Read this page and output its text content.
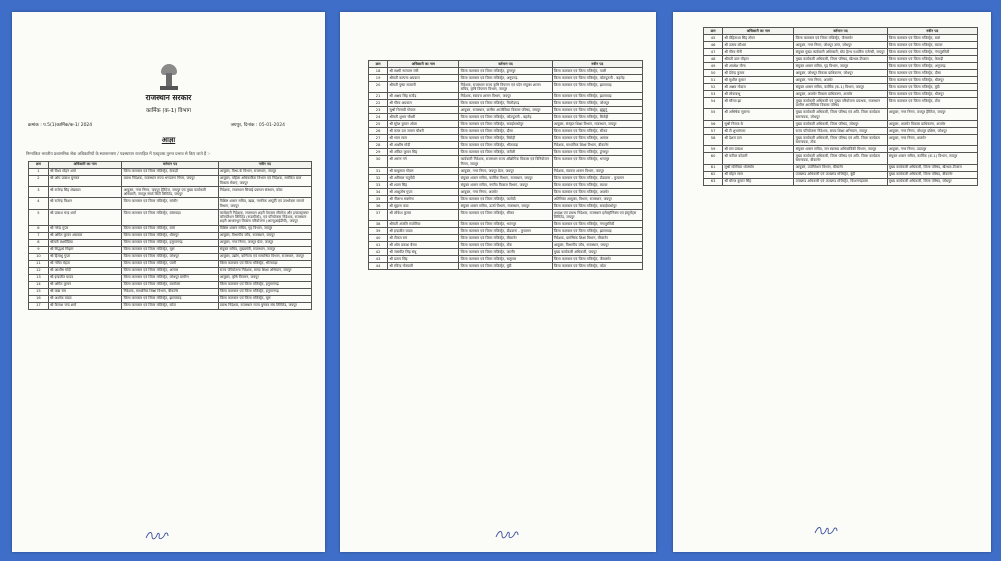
राजस्थान सरकार
कार्मिक (क-1) विभाग
क्रमांक : प.5(1)कार्मिक/क-1/ 2024	जयपुर, दिनांक : 05-01-2024
आज्ञा
निम्नांकित भारतीय प्रशासनिक सेवा अधिकारियों के स्थानान्तरण / पदस्थापन राज्यहित में एतद्द्वारा तुरन्त प्रभाव से किए जाते हैं :-
क्रम	अधिकारी का नाम	वर्तमान पद	नवीन पद
1	श्री विश्व मोहन शर्मा	जिला कलक्टर एवं जिला मजिस्ट्रेट, केकड़ी	आयुक्त, विभा.के विभाग, राजस्थान, जयपुर
2	श्री ओम प्रकाश बुनकर	प्रबन्ध निदेशक, राजस्थान राज्य भण्डारण निगम, जयपुर	आयुक्त, महिला अधिकारिता विभाग एवं निदेशक, समेकित बाल विकास सेवाएं, जयपुर
3	श्री राजेन्द्र सिंह शेखावत	आयुक्त, नगर निगम, जयपुर हैरिटेज, जयपुर एवं मुख्य कार्यकारी अधिकारी, जयपुर स्मार्ट सिटी लिमिटेड, जयपुर	निदेशक, राजस्थान सिंचाई प्रबन्धन संस्थान, कोटा
4	श्री राजेन्द्र किशन	जिला कलक्टर एवं जिला मजिस्ट्रेट, सांचौर	विशिष्ट शासन सचिव, खाद्य, नागरिक आपूर्ति एवं उपभोक्ता मामले विभाग, जयपुर
5	श्री प्रकाश चन्द्र शर्मा	जिला कलक्टर एवं जिला मजिस्ट्रेट, बांसवाड़ा	कार्यकारी निदेशक, राजस्थान शहरी पेयजल सीवरेज और इन्फ्रास्ट्रक्चर कॉरपोरेशन लिमिटेड (रूडसीको), एवं परियोजना निदेशक, राजस्थान शहरी आधारभूत विकास परियोजना (आरयूआईडीपी), जयपुर
6	श्री नरेन्द्र गुप्ता	जिला कलक्टर एवं जिला मजिस्ट्रेट, बारां	विशिष्ट शासन सचिव, गृह विभाग, जयपुर
7	श्री अमित कुमार अग्रवाल	जिला कलक्टर एवं जिला मजिस्ट्रेट, धौलपुर	आयुक्त, विभागीय जाँच, राजस्थान, जयपुर
8	श्रीमती लक्ष्मीप्रिया	जिला कलक्टर एवं जिला मजिस्ट्रेट, हनुमानगढ़	आयुक्त, नगर निगम, जयपुर ग्रेटर, जयपुर
9	श्री सिद्धार्थ सिहाग	जिला कलक्टर एवं जिला मजिस्ट्रेट, चूरू	संयुक्त सचिव, मुख्यमंत्री, राजस्थान, जयपुर
10	श्री हिमांशु गुप्ता	जिला कलक्टर एवं जिला मजिस्ट्रेट, जोधपुर	आयुक्त, उद्योग, वाणिज्य एवं सम्बन्धित विभाग, राजस्थान, जयपुर
11	श्री नमित मेहता	जिला कलक्टर एवं जिला मजिस्ट्रेट, पाली	जिला कलक्टर एवं जिला मजिस्ट्रेट, भीलवाड़ा
12	श्री आशीष मोदी	जिला कलक्टर एवं जिला मजिस्ट्रेट, अलवर	राज्य परियोजना निदेशक, समग्र शिक्षा अभियान, जयपुर
13	श्री इन्द्रजीत यादव	जिला कलक्टर एवं जिला मजिस्ट्रेट, जोधपुर ग्रामीण	आयुक्त, कृषि विपणन, जयपुर
14	श्री अमित कुमार	जिला कलक्टर एवं जिला मजिस्ट्रेट, बालोतरा	जिला कलक्टर एवं जिला मजिस्ट्रेट, हनुमानगढ़
15	श्री कन्ना राम	निदेशक, माध्यमिक शिक्षा विभाग, बीकानेर	जिला कलक्टर एवं जिला मजिस्ट्रेट, हनुमानगढ़
16	श्री अशोक यादव	जिला कलक्टर एवं जिला मजिस्ट्रेट, झालावाड़	जिला कलक्टर एवं जिला मजिस्ट्रेट, चूरू
17	श्री कैलाश चन्द शर्मा	जिला कलक्टर एवं जिला मजिस्ट्रेट, कोटा	प्रबन्ध निदेशक, राजस्थान राज्य बुनकर संघ लिमिटेड, जयपुर
क्रम	अधिकारी का नाम	वर्तमान पद	नवीन पद
18	श्री लक्ष्मी नारायण मंत्री	जिला कलक्टर एवं जिला मजिस्ट्रेट, डूंगरपुर	जिला कलक्टर एवं जिला मजिस्ट्रेट, पाली
19	श्रीमती कल्पना अग्रवाल	जिला कलक्टर एवं जिला मजिस्ट्रेट, अनूपगढ़	जिला कलक्टर एवं जिला मजिस्ट्रेट, कोटपूतली - बहरोड़
20	श्रीमती पुष्पा सत्यानी	निदेशक, राजस्थान राज्य कृषि विपणन एवं पदेन संयुक्त शासन सचिव, कृषि विपणन विभाग, जयपुर	जिला कलक्टर एवं जिला मजिस्ट्रेट, झालावाड़
21	श्री अक्षय सिंह राठौड़	निदेशक, स्वायत्त शासन विभाग, जयपुर	जिला कलक्टर एवं जिला मजिस्ट्रेट, झालावाड़
22	श्री गौरव अग्रवाल	जिला कलक्टर एवं जिला मजिस्ट्रेट, चित्तौड़गढ़	जिला कलक्टर एवं जिला मजिस्ट्रेट, जोधपुर
23	सुश्री चिन्मयी गोपाल	आयुक्त, राजस्थान, ग्रामीण आजीविका विकास परिषद, जयपुर	जिला कलक्टर एवं जिला मजिस्ट्रेट, झुंझुनूं
24	श्रीमती शुभम चौधरी	जिला कलक्टर एवं जिला मजिस्ट्रेट, कोटपूतली - बहरोड़	जिला कलक्टर एवं जिला मजिस्ट्रेट, सिरोही
25	श्री सुरेश कुमार ओला	जिला कलक्टर एवं जिला मजिस्ट्रेट, सवाईमाधोपुर	आयुक्त, संस्कृत शिक्षा विभाग, राजस्थान, जयपुर
26	श्री कमर उल जमान चौधरी	जिला कलक्टर एवं जिला मजिस्ट्रेट, दौसा	जिला कलक्टर एवं जिला मजिस्ट्रेट, सीकर
27	श्री भंवर लाल	जिला कलक्टर एवं जिला मजिस्ट्रेट, सिरोही	जिला कलक्टर एवं जिला मजिस्ट्रेट, अलवर
28	श्री आशीष मोदी	जिला कलक्टर एवं जिला मजिस्ट्रेट, भीलवाड़ा	निदेशक, माध्यमिक शिक्षा विभाग, बीकानेर
29	श्री अंकित कुमार सिंह	जिला कलक्टर एवं जिला मजिस्ट्रेट, करौली	जिला कलक्टर एवं जिला मजिस्ट्रेट, डूंगरपुर
30	श्री अरुण गर्ग	कार्यकारी निदेशक, राजस्थान राज्य औद्योगिक विकास एवं विनियोजन निगम, जयपुर	जिला कलक्टर एवं जिला मजिस्ट्रेट, भरतपुर
31	श्री बाबूलाल गोयल	आयुक्त, नगर निगम, जयपुर ग्रेटर, जयपुर	निदेशक, स्वायत्त शासन विभाग, जयपुर
32	श्री अविचल चतुर्वेदी	संयुक्त शासन सचिव, कार्मिक विभाग, राजस्थान, जयपुर	जिला कलक्टर एवं जिला मजिस्ट्रेट, डीडवाना - कुचामन
33	श्री श्याम सिंह	संयुक्त शासन सचिव, नगरीय विकास विभाग, जयपुर	जिला कलक्टर एवं जिला मजिस्ट्रेट, ब्यावर
34	श्री आशुतोष गुप्ता	आयुक्त, नगर निगम, अजमेर	जिला कलक्टर एवं जिला मजिस्ट्रेट, अजमेर
35	श्री नीलाभ सक्सेना	जिला कलक्टर एवं जिला मजिस्ट्रेट, फलोदी	अतिरिक्त आयुक्त, विभाग, राजस्थान, जयपुर
36	श्री सुहास काव	संयुक्त शासन सचिव, ऊर्जा विभाग, राजस्थान, जयपुर	जिला कलक्टर एवं जिला मजिस्ट्रेट, सवाईमाधोपुर
37	श्री लोकेश कुमार	जिला कलक्टर एवं जिला मजिस्ट्रेट, सीकर	अध्यक्ष एवं प्रबन्ध निदेशक, राजस्थान इलेक्ट्रॉनिक्स एवं इंस्ट्रूमेंट्स लिमिटेड, जयपुर
38	श्रीमती अंजलि राजोरिया	जिला कलक्टर एवं जिला मजिस्ट्रेट, भरतपुर	जिला कलक्टर एवं जिला मजिस्ट्रेट, गंगापुरसिटी
39	श्री इन्द्रजीत यादव	जिला कलक्टर एवं जिला मजिस्ट्रेट, डीडवाना - कुचामन	जिला कलक्टर एवं जिला मजिस्ट्रेट, झालावाड़
40	श्री टीकम राम	जिला कलक्टर एवं जिला मजिस्ट्रेट, बीकानेर	निदेशक, प्रारम्भिक शिक्षा विभाग, बीकानेर
41	श्री ओम प्रकाश बैरवा	जिला कलक्टर एवं जिला मजिस्ट्रेट, टोंक	आयुक्त, विभागीय जाँच, राजस्थान, जयपुर
42	श्री जसमीत सिंह संधू	जिला कलक्टर एवं जिला मजिस्ट्रेट, जालौर	मुख्य कार्यकारी अधिकारी, जयपुर
43	श्री प्रताप सिंह	जिला कलक्टर एवं जिला मजिस्ट्रेट, सलूम्बर	जिला कलक्टर एवं जिला मजिस्ट्रेट, जैसलमेर
44	श्री रविन्द्र गोस्वामी	जिला कलक्टर एवं जिला मजिस्ट्रेट, बूंदी	जिला कलक्टर एवं जिला मजिस्ट्रेट, कोटा
क्रम	अधिकारी का नाम	वर्तमान पद	नवीन पद
45	श्री रोहिताश्व सिंह तोमर	जिला कलक्टर एवं जिला मजिस्ट्रेट, जैसलमेर	जिला कलक्टर एवं जिला मजिस्ट्रेट, बारां
46	श्री उत्सव कौशल	आयुक्त, नगर निगम, जोधपुर उत्तर, जोधपुर	जिला कलक्टर एवं जिला मजिस्ट्रेट, ब्यावर
47	श्री गौरव सैनी	संयुक्त मुख्य कार्यकारी अधिकारी, स्टेट हैल्थ एश्योरेंस एजेन्सी, जयपुर	जिला कलक्टर एवं जिला मजिस्ट्रेट, गंगापुरसिटी
48	श्रीमती डाल चौहान	मुख्य कार्यकारी अधिकारी, जिला परिषद, खैरथल-तिजारा	जिला कलक्टर एवं जिला मजिस्ट्रेट, केकड़ी
49	श्री अवधेश मीना	संयुक्त शासन सचिव, गृह विभाग, जयपुर	जिला कलक्टर एवं जिला मजिस्ट्रेट, अनूपगढ़
50	श्री देवेन्द्र कुमार	आयुक्त, जोधपुर विकास प्राधिकरण, जोधपुर	जिला कलक्टर एवं जिला मजिस्ट्रेट, दौसा
51	श्री सुशील कुमार	आयुक्त, नगर निगम, अजमेर	जिला कलक्टर एवं जिला मजिस्ट्रेट, धौलपुर
52	श्री अक्षय गोदारा	संयुक्त शासन सचिव, कार्मिक (क-1) विभाग, जयपुर	जिला कलक्टर एवं जिला मजिस्ट्रेट, बूंदी
53	श्री लोकबन्धु	आयुक्त, अजमेर विकास प्राधिकरण, अजमेर	जिला कलक्टर एवं जिला मजिस्ट्रेट, धौलपुर
54	श्री सौम्या झा	मुख्य कार्यकारी अधिकारी एवं मुख्य परियोजना प्रबन्धक, राजस्थान ग्रामीण आजीविका विकास परिषद	जिला कलक्टर एवं जिला मजिस्ट्रेट, टोंक
55	श्री अभिषेक सुराणा	मुख्य कार्यकारी अधिकारी, जिला परिषद एवं अति. जिला कार्यक्रम समन्वयक, जोधपुर	आयुक्त, नगर निगम, जयपुर हैरिटेज, जयपुर
56	सुश्री निराज के	मुख्य कार्यकारी अधिकारी, जिला परिषद, जोधपुर	आयुक्त, अजमेर विकास प्राधिकरण, अजमेर
57	श्री टी शुभमंगला	राज्य परियोजना निदेशक, समग्र शिक्षा अभियान, जयपुर	आयुक्त, नगर निगम, जोधपुर दक्षिण, जोधपुर
58	श्री देशल दान	मुख्य कार्यकारी अधिकारी, जिला परिषद एवं अति. जिला कार्यक्रम समन्वयक, टोंक	आयुक्त, नगर निगम, अजमेर
59	श्री राम प्रकाश	संयुक्त शासन सचिव, जन स्वास्थ्य अभियांत्रिकी विभाग, जयपुर	आयुक्त, नगर निगम, उदयपुर
60	श्री कपिल कोठारी	मुख्य कार्यकारी अधिकारी, जिला परिषद एवं अति. जिला कार्यक्रम समन्वयक, बीकानेर	संयुक्त शासन सचिव, कार्मिक (क-1) विभाग, जयपुर
61	सुश्री मल्लिका थोक्चोम	आयुक्त, उपनिवेशन विभाग, बीकानेर	मुख्य कार्यकारी अधिकारी, जिला परिषद, खैरथल-तिजारा
62	श्री मोहन लाल	उपखण्ड अधिकारी एवं उपखण्ड मजिस्ट्रेट, बूंदी	मुख्य कार्यकारी अधिकारी, जिला परिषद, बीकानेर
63	श्री धीरज कुमार सिंह	उपखण्ड अधिकारी एवं उपखण्ड मजिस्ट्रेट, किशनगढ़बास	मुख्य कार्यकारी अधिकारी, जिला परिषद, जोधपुर
